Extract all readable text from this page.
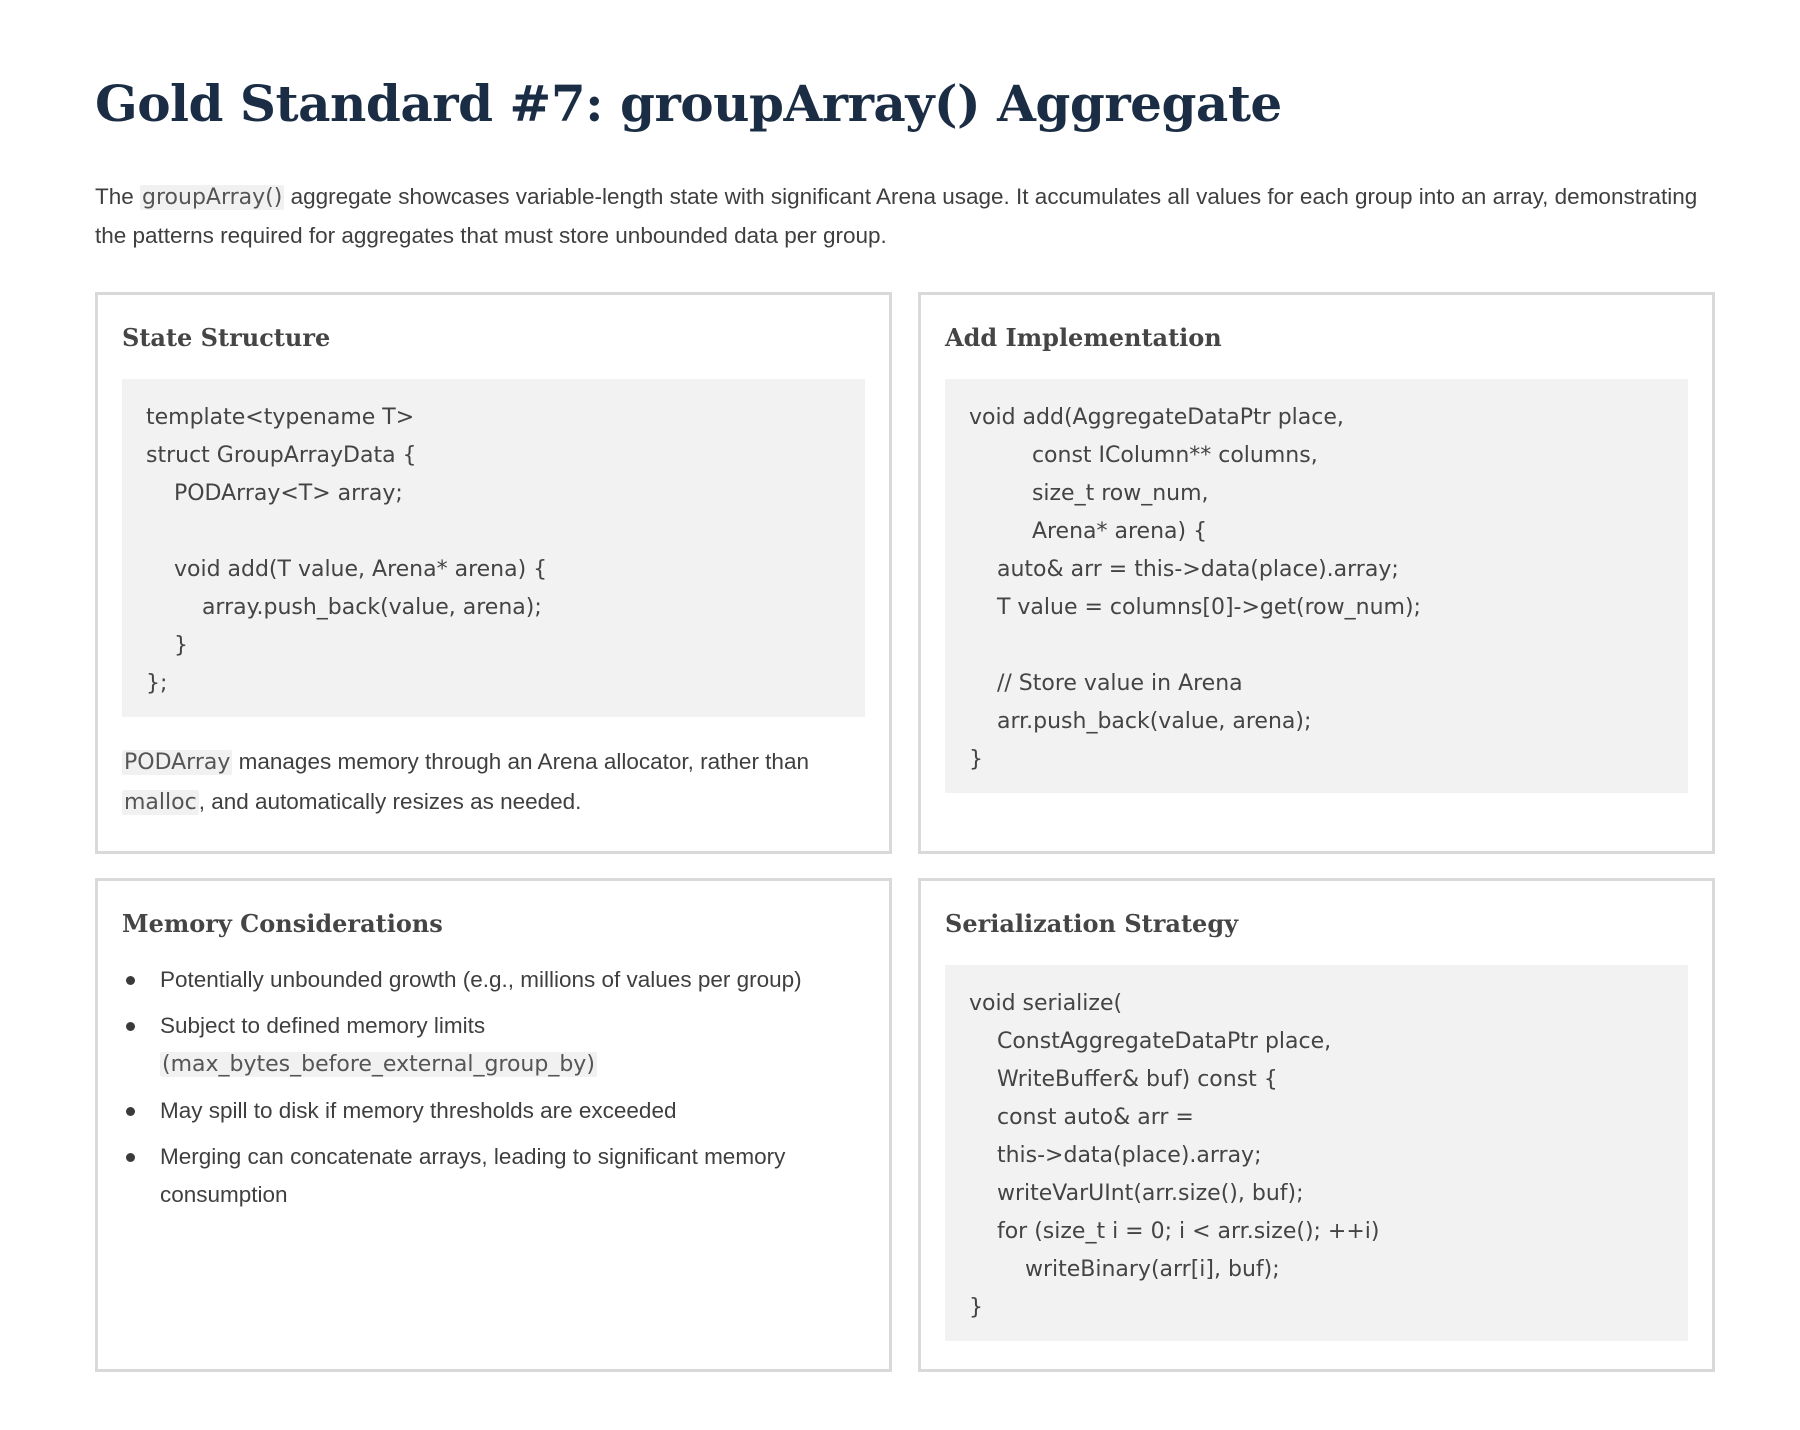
Gold Standard #7: groupArray() Aggregate

The groupArray() aggregate showcases variable-length state with significant Arena usage. It accumulates all values for each group into an array, demonstrating the patterns required for aggregates that must store unbounded data per group.

State Structure
template<typename T>
struct GroupArrayData {
PODArray<T> array;

void add(T value, Arena* arena) {
array.push_back(value, arena);
}
};

PODArray manages memory through an Arena allocator, rather than malloc, and automatically resizes as needed.

Add Implementation
void add(AggregateDataPtr place,
const IColumn** columns,
size_t row_num,
Arena* arena) {
auto& arr = this->data(place).array;
T value = columns[0]->get(row_num);

// Store value in Arena
arr.push_back(value, arena);
}
Memory Considerations
Potentially unbounded growth (e.g., millions of values per group)
Subject to defined memory limits (max_bytes_before_external_group_by)
May spill to disk if memory thresholds are exceeded
Merging can concatenate arrays, leading to significant memory consumption
Serialization Strategy
void serialize(
ConstAggregateDataPtr place,
WriteBuffer& buf) const {
const auto& arr =
this->data(place).array;
writeVarUInt(arr.size(), buf);
for (size_t i = 0; i < arr.size(); ++i)
writeBinary(arr[i], buf);
}
